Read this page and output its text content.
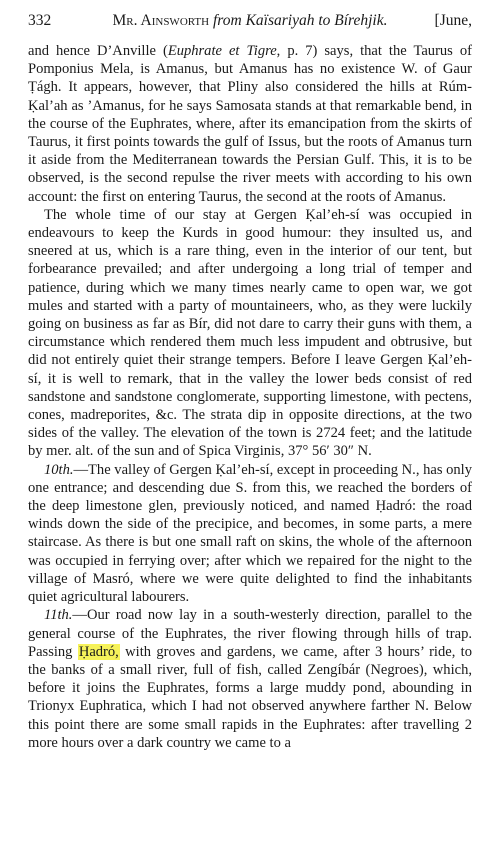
332	Mr. Ainsworth from Kaïsariyah to Bírehjik.	[June,

and hence D’Anville (Euphrate et Tigre, p. 7) says, that the Taurus of Pomponius Mela, is Amanus, but Amanus has no existence W. of Gaur Ṭágh. It appears, however, that Pliny also considered the hills at Rúm-Ḳal’ah as ’Amanus, for he says Samosata stands at that remarkable bend, in the course of the Euphrates, where, after its emancipation from the skirts of Taurus, it first points towards the gulf of Issus, but the roots of Amanus turn it aside from the Mediterranean towards the Persian Gulf. This, it is to be observed, is the second repulse the river meets with according to his own account: the first on entering Taurus, the second at the roots of Amanus.

The whole time of our stay at Gergen Ḳal’eh-sí was occupied in endeavours to keep the Kurds in good humour: they insulted us, and sneered at us, which is a rare thing, even in the interior of our tent, but forbearance prevailed; and after undergoing a long trial of temper and patience, during which we many times nearly came to open war, we got mules and started with a party of mountaineers, who, as they were luckily going on business as far as Bír, did not dare to carry their guns with them, a circumstance which rendered them much less impudent and obtrusive, but did not entirely quiet their strange tempers. Before I leave Gergen Ḳal’eh-sí, it is well to remark, that in the valley the lower beds consist of red sandstone and sandstone conglomerate, supporting limestone, with pectens, cones, madreporites, &c. The strata dip in opposite directions, at the two sides of the valley. The elevation of the town is 2724 feet; and the latitude by mer. alt. of the sun and of Spica Virginis, 37° 56′ 30″ N.

10th.—The valley of Gergen Ḳal’eh-sí, except in proceeding N., has only one entrance; and descending due S. from this, we reached the borders of the deep limestone glen, previously noticed, and named Ḥadró: the road winds down the side of the precipice, and becomes, in some parts, a mere staircase. As there is but one small raft on skins, the whole of the afternoon was occupied in ferrying over; after which we repaired for the night to the village of Masró, where we were quite delighted to find the inhabitants quiet agricultural labourers.

11th.—Our road now lay in a south-westerly direction, parallel to the general course of the Euphrates, the river flowing through hills of trap. Passing Ḥadró, with groves and gardens, we came, after 3 hours’ ride, to the banks of a small river, full of fish, called Zengíbár (Negroes), which, before it joins the Euphrates, forms a large muddy pond, abounding in Trionyx Euphratica, which I had not observed anywhere farther N. Below this point there are some small rapids in the Euphrates: after travelling 2 more hours over a dark country we came to a
